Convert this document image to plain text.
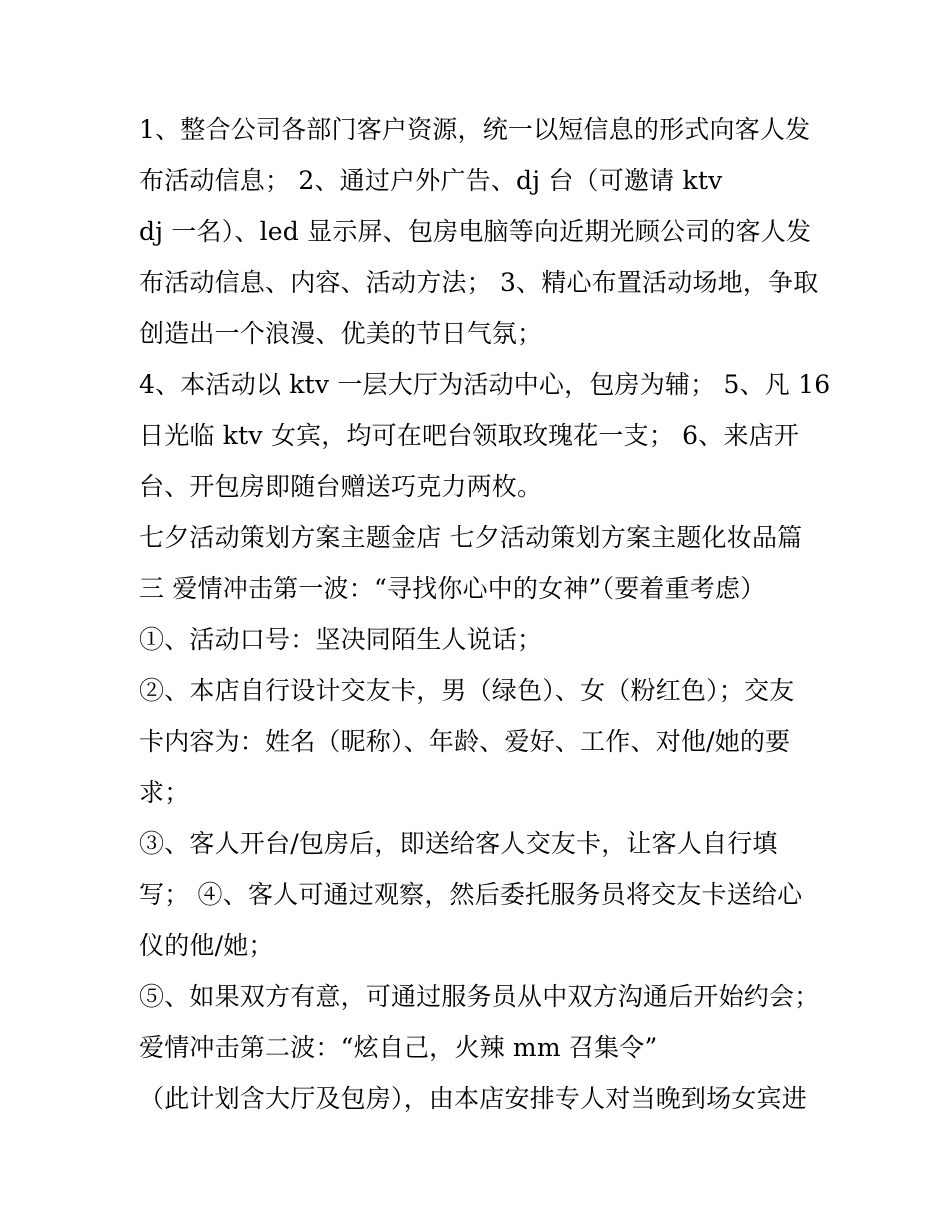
1、整合公司各部门客户资源，统一以短信息的形式向客人发
布活动信息； 2、通过户外广告、dj 台（可邀请 ktv
dj 一名）、led 显示屏、包房电脑等向近期光顾公司的客人发
布活动信息、内容、活动方法； 3、精心布置活动场地，争取
创造出一个浪漫、优美的节日气氛；
4、本活动以 ktv 一层大厅为活动中心，包房为辅； 5、凡 16
日光临 ktv 女宾，均可在吧台领取玫瑰花一支； 6、来店开
台、开包房即随台赠送巧克力两枚。
七夕活动策划方案主题金店 七夕活动策划方案主题化妆品篇
三 爱情冲击第一波：“寻找你心中的女神”（要着重考虑）
①、活动口号：坚决同陌生人说话；
②、本店自行设计交友卡，男（绿色）、女（粉红色）；交友
卡内容为：姓名（昵称）、年龄、爱好、工作、对他/她的要
求；
③、客人开台/包房后，即送给客人交友卡，让客人自行填
写； ④、客人可通过观察，然后委托服务员将交友卡送给心
仪的他/她；
⑤、如果双方有意，可通过服务员从中双方沟通后开始约会；
爱情冲击第二波：“炫自己，火辣 mm 召集令”
（此计划含大厅及包房），由本店安排专人对当晚到场女宾进
